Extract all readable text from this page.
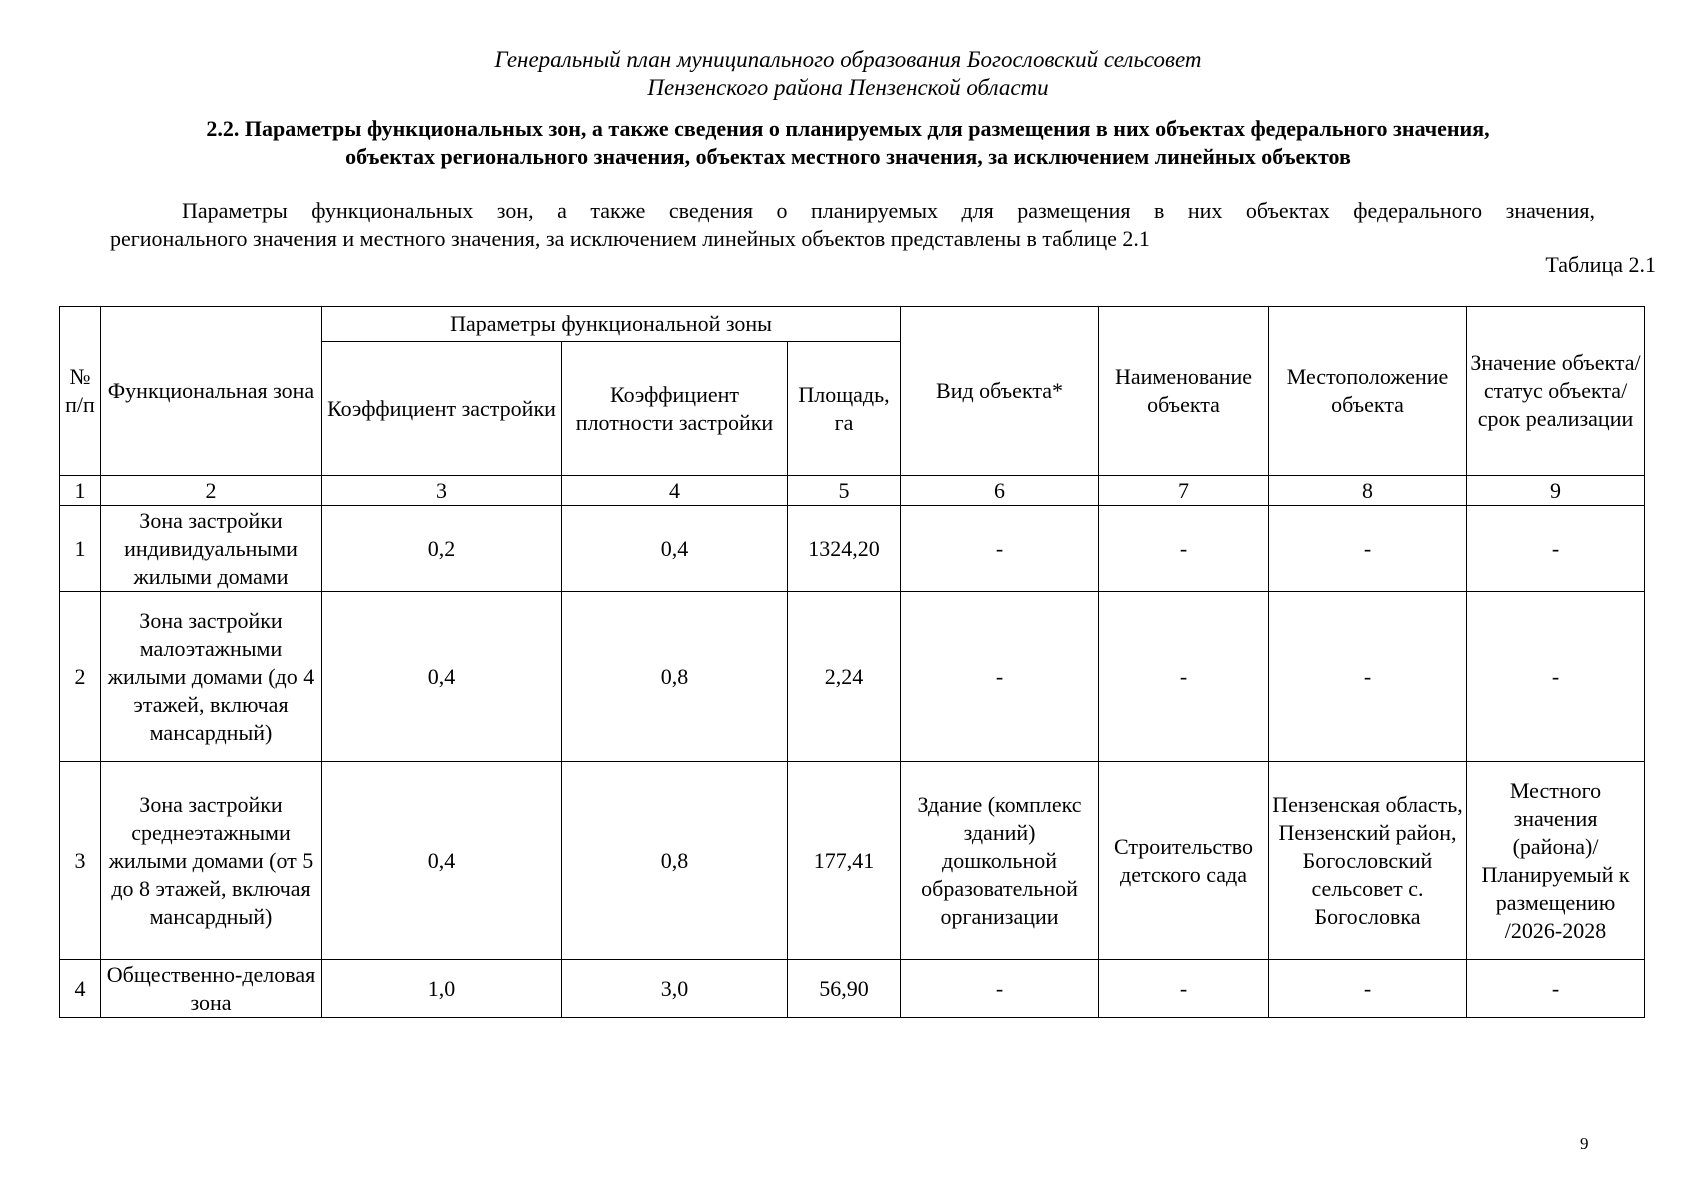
Генеральный план муниципального образования Богословский сельсовет
Пензенского района Пензенской области
2.2. Параметры функциональных зон, а также сведения о планируемых для размещения в них объектах федерального значения,
объектах регионального значения, объектах местного значения, за исключением линейных объектов
Параметры функциональных зон, а также сведения о планируемых для размещения в них объектах федерального значения,
регионального значения и местного значения, за исключением линейных объектов представлены в таблице 2.1
Таблица 2.1
№ п/п	Функциональная зона	Параметры функциональной зоны			Вид объекта*	Наименование объекта	Местоположение объекта	Значение объекта/ статус объекта/ срок реализации
		Коэффициент застройки	Коэффициент плотности застройки	Площадь, га				
1	2	3	4	5	6	7	8	9
1	Зона застройки индивидуальными жилыми домами	0,2	0,4	1324,20	-	-	-	-
2	Зона застройки малоэтажными жилыми домами (до 4 этажей, включая мансардный)	0,4	0,8	2,24	-	-	-	-
3	Зона застройки среднеэтажными жилыми домами (от 5 до 8 этажей, включая мансардный)	0,4	0,8	177,41	Здание (комплекс зданий) дошкольной образовательной организации	Строительство детского сада	Пензенская область, Пензенский район, Богословский сельсовет с. Богословка	Местного значения (района)/ Планируемый к размещению /2026-2028
4	Общественно-деловая зона	1,0	3,0	56,90	-	-	-	-
9
